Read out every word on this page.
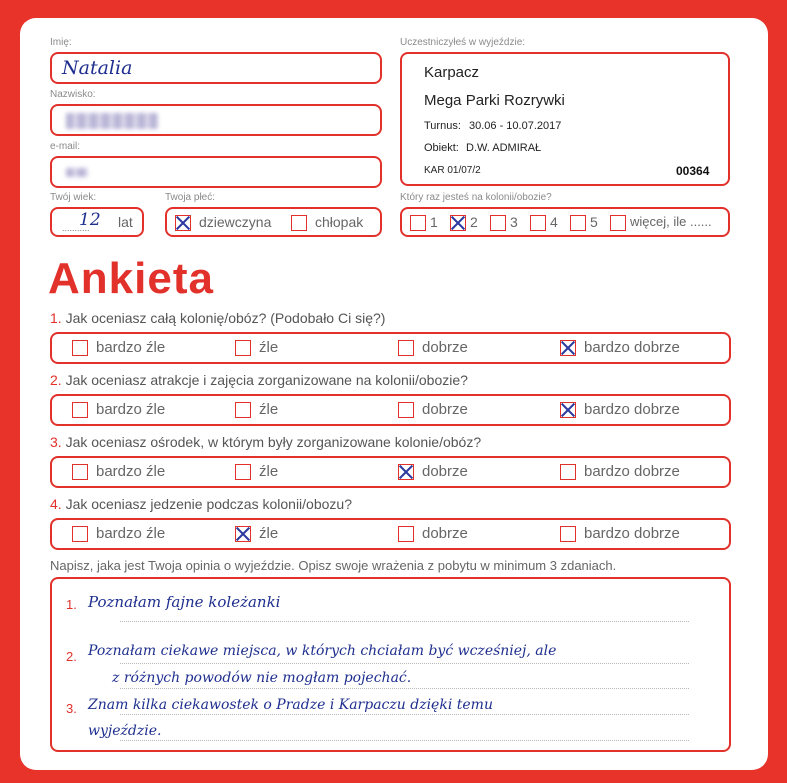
Imię:
Natalia
Nazwisko:
e-mail:
Twój wiek:
...........
12 lat
Twoja płeć:
dziewczyna	chłopak
Uczestniczyłeś w wyjeździe:
Karpacz
Mega Parki Rozrywki
Turnus: 30.06 - 10.07.2017
Obiekt: D.W. ADMIRAŁ
KAR 01/07/2	00364
Który raz jesteś na kolonii/obozie?
1 2 3 4 5 więcej, ile ......
Ankieta
1. Jak oceniasz całą kolonię/obóz? (Podobało Ci się?)
bardzo źle	źle	dobrze	bardzo dobrze
2. Jak oceniasz atrakcje i zajęcia zorganizowane na kolonii/obozie?
bardzo źle	źle	dobrze	bardzo dobrze
3. Jak oceniasz ośrodek, w którym były zorganizowane kolonie/obóz?
bardzo źle	źle	dobrze	bardzo dobrze
4. Jak oceniasz jedzenie podczas kolonii/obozu?
bardzo źle	źle	dobrze	bardzo dobrze
Napisz, jaka jest Twoja opinia o wyjeździe. Opisz swoje wrażenia z pobytu w minimum 3 zdaniach.
1.
2.
3.
Poznałam fajne koleżanki
Poznałam ciekawe miejsca, w których chciałam być wcześniej, ale
z różnych powodów nie mogłam pojechać.
Znam kilka ciekawostek o Pradze i Karpaczu dzięki temu
wyjeździe.
